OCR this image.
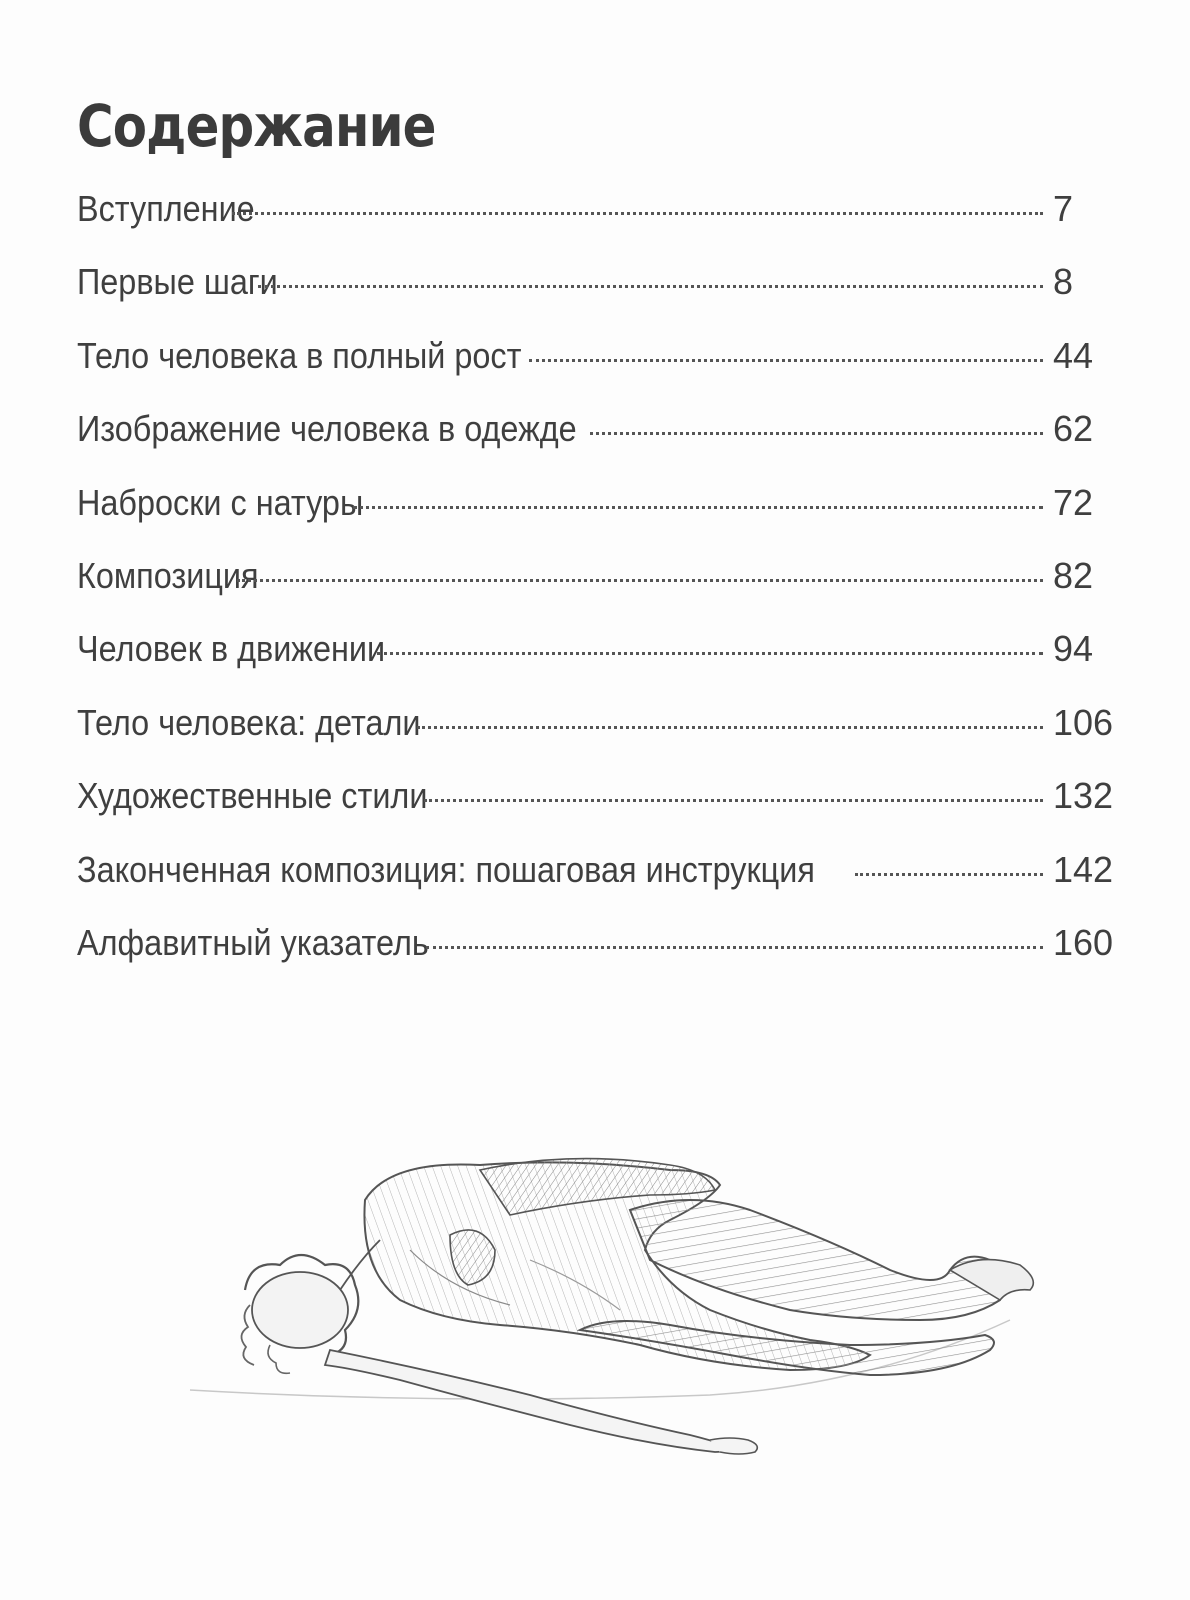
Содержание
Вступление	7
Первые шаги	8
Тело человека в полный рост	44
Изображение человека в одежде	62
Наброски с натуры	72
Композиция	82
Человек в движении	94
Тело человека: детали	106
Художественные стили	132
Законченная композиция: пошаговая инструкция	142
Алфавитный указатель	160
